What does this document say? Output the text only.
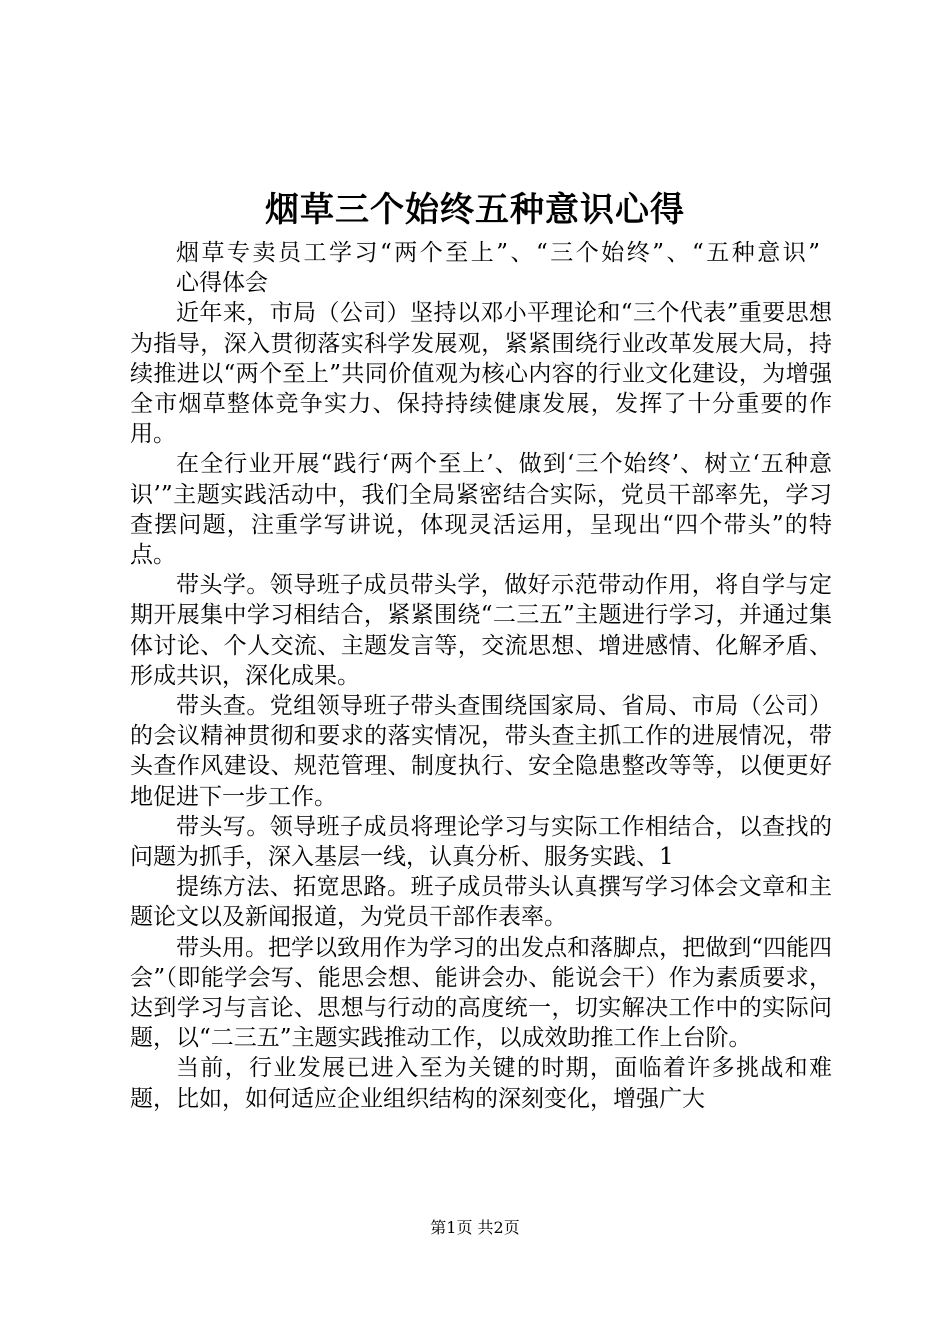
烟草三个始终五种意识心得

烟草专卖员工学习“两个至上”、“三个始终”、“五种意识”

心得体会

近年来，市局（公司）坚持以邓小平理论和“三个代表”重要思想为指导，深入贯彻落实科学发展观，紧紧围绕行业改革发展大局，持续推进以“两个至上”共同价值观为核心内容的行业文化建设，为增强全市烟草整体竞争实力、保持持续健康发展，发挥了十分重要的作用。

在全行业开展“践行‘两个至上’、做到‘三个始终’、树立‘五种意识’”主题实践活动中，我们全局紧密结合实际，党员干部率先，学习查摆问题，注重学写讲说，体现灵活运用，呈现出“四个带头”的特点。

带头学。领导班子成员带头学，做好示范带动作用，将自学与定期开展集中学习相结合，紧紧围绕“二三五”主题进行学习，并通过集体讨论、个人交流、主题发言等，交流思想、增进感情、化解矛盾、形成共识，深化成果。

带头查。党组领导班子带头查围绕国家局、省局、市局（公司）的会议精神贯彻和要求的落实情况，带头查主抓工作的进展情况，带头查作风建设、规范管理、制度执行、安全隐患整改等等，以便更好地促进下一步工作。

带头写。领导班子成员将理论学习与实际工作相结合，以查找的问题为抓手，深入基层一线，认真分析、服务实践、1

提练方法、拓宽思路。班子成员带头认真撰写学习体会文章和主题论文以及新闻报道，为党员干部作表率。

带头用。把学以致用作为学习的出发点和落脚点，把做到“四能四会”（即能学会写、能思会想、能讲会办、能说会干）作为素质要求，达到学习与言论、思想与行动的高度统一，切实解决工作中的实际问题，以“二三五”主题实践推动工作，以成效助推工作上台阶。

当前，行业发展已进入至为关键的时期，面临着许多挑战和难题，比如，如何适应企业组织结构的深刻变化，增强广大

第1页 共2页
